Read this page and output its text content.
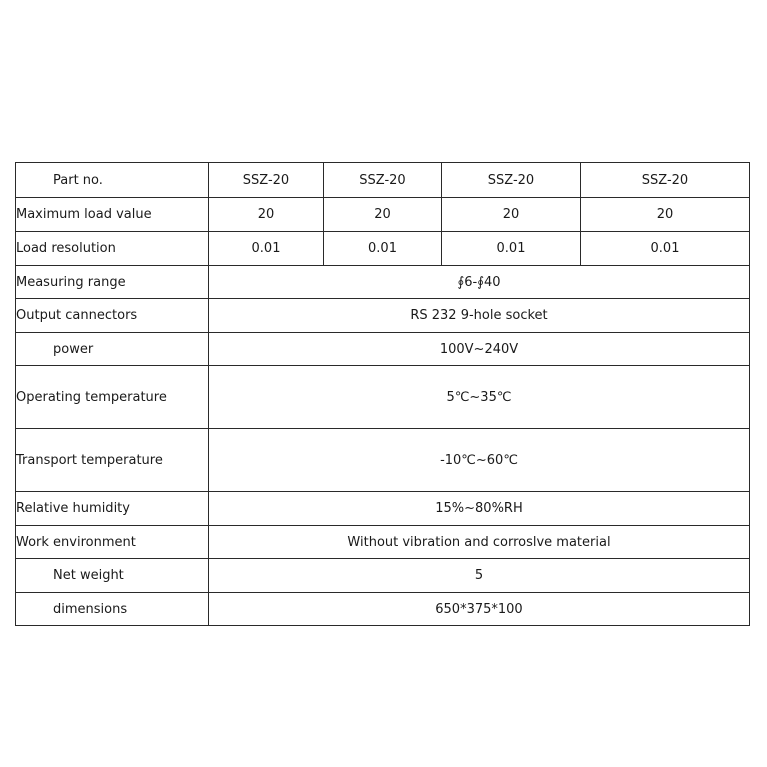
Part no.	SSZ-20	SSZ-20	SSZ-20	SSZ-20
Maximum load value	20	20	20	20
Load resolution	0.01	0.01	0.01	0.01
Measuring range	∮6-∮40			
Output cannectors	RS 232 9-hole socket			
power	100V~240V			
Operating temperature	5℃~35℃			
Transport temperature	-10℃~60℃			
Relative humidity	15%~80%RH			
Work environment	Without vibration and corroslve material			
Net weight	5			
dimensions	650*375*100			
